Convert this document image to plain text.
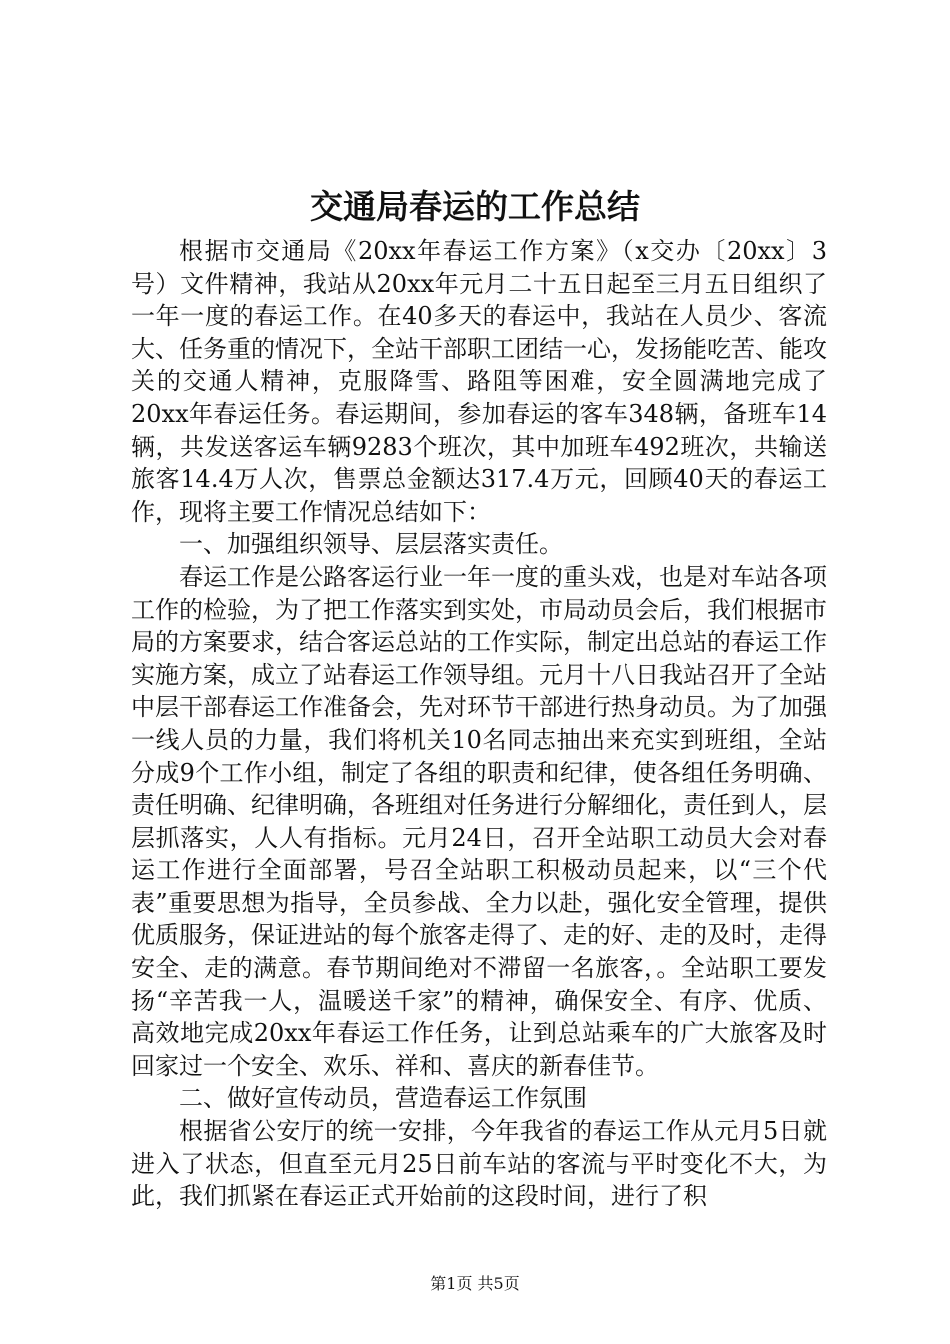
交通局春运的工作总结

根据市交通局《20xx年春运工作方案》（x交办〔20xx〕3号）文件精神，我站从20xx年元月二十五日起至三月五日组织了一年一度的春运工作。在40多天的春运中，我站在人员少、客流大、任务重的情况下，全站干部职工团结一心，发扬能吃苦、能攻关的交通人精神，克服降雪、路阻等困难，安全圆满地完成了20xx年春运任务。春运期间，参加春运的客车348辆，备班车14辆，共发送客运车辆9283个班次，其中加班车492班次，共输送旅客14.4万人次，售票总金额达317.4万元，回顾40天的春运工作，现将主要工作情况总结如下：

一、加强组织领导、层层落实责任。

春运工作是公路客运行业一年一度的重头戏，也是对车站各项工作的检验，为了把工作落实到实处，市局动员会后，我们根据市局的方案要求，结合客运总站的工作实际，制定出总站的春运工作实施方案，成立了站春运工作领导组。元月十八日我站召开了全站中层干部春运工作准备会，先对环节干部进行热身动员。为了加强一线人员的力量，我们将机关10名同志抽出来充实到班组，全站分成9个工作小组，制定了各组的职责和纪律，使各组任务明确、责任明确、纪律明确，各班组对任务进行分解细化，责任到人，层层抓落实，人人有指标。元月24日，召开全站职工动员大会对春运工作进行全面部署，号召全站职工积极动员起来，以“三个代表”重要思想为指导，全员参战、全力以赴，强化安全管理，提供优质服务，保证进站的每个旅客走得了、走的好、走的及时，走得安全、走的满意。春节期间绝对不滞留一名旅客，。全站职工要发扬“辛苦我一人，温暖送千家”的精神，确保安全、有序、优质、高效地完成20xx年春运工作任务，让到总站乘车的广大旅客及时回家过一个安全、欢乐、祥和、喜庆的新春佳节。

二、做好宣传动员，营造春运工作氛围

根据省公安厅的统一安排，今年我省的春运工作从元月5日就进入了状态，但直至元月25日前车站的客流与平时变化不大，为此，我们抓紧在春运正式开始前的这段时间，进行了积

第1页 共5页
